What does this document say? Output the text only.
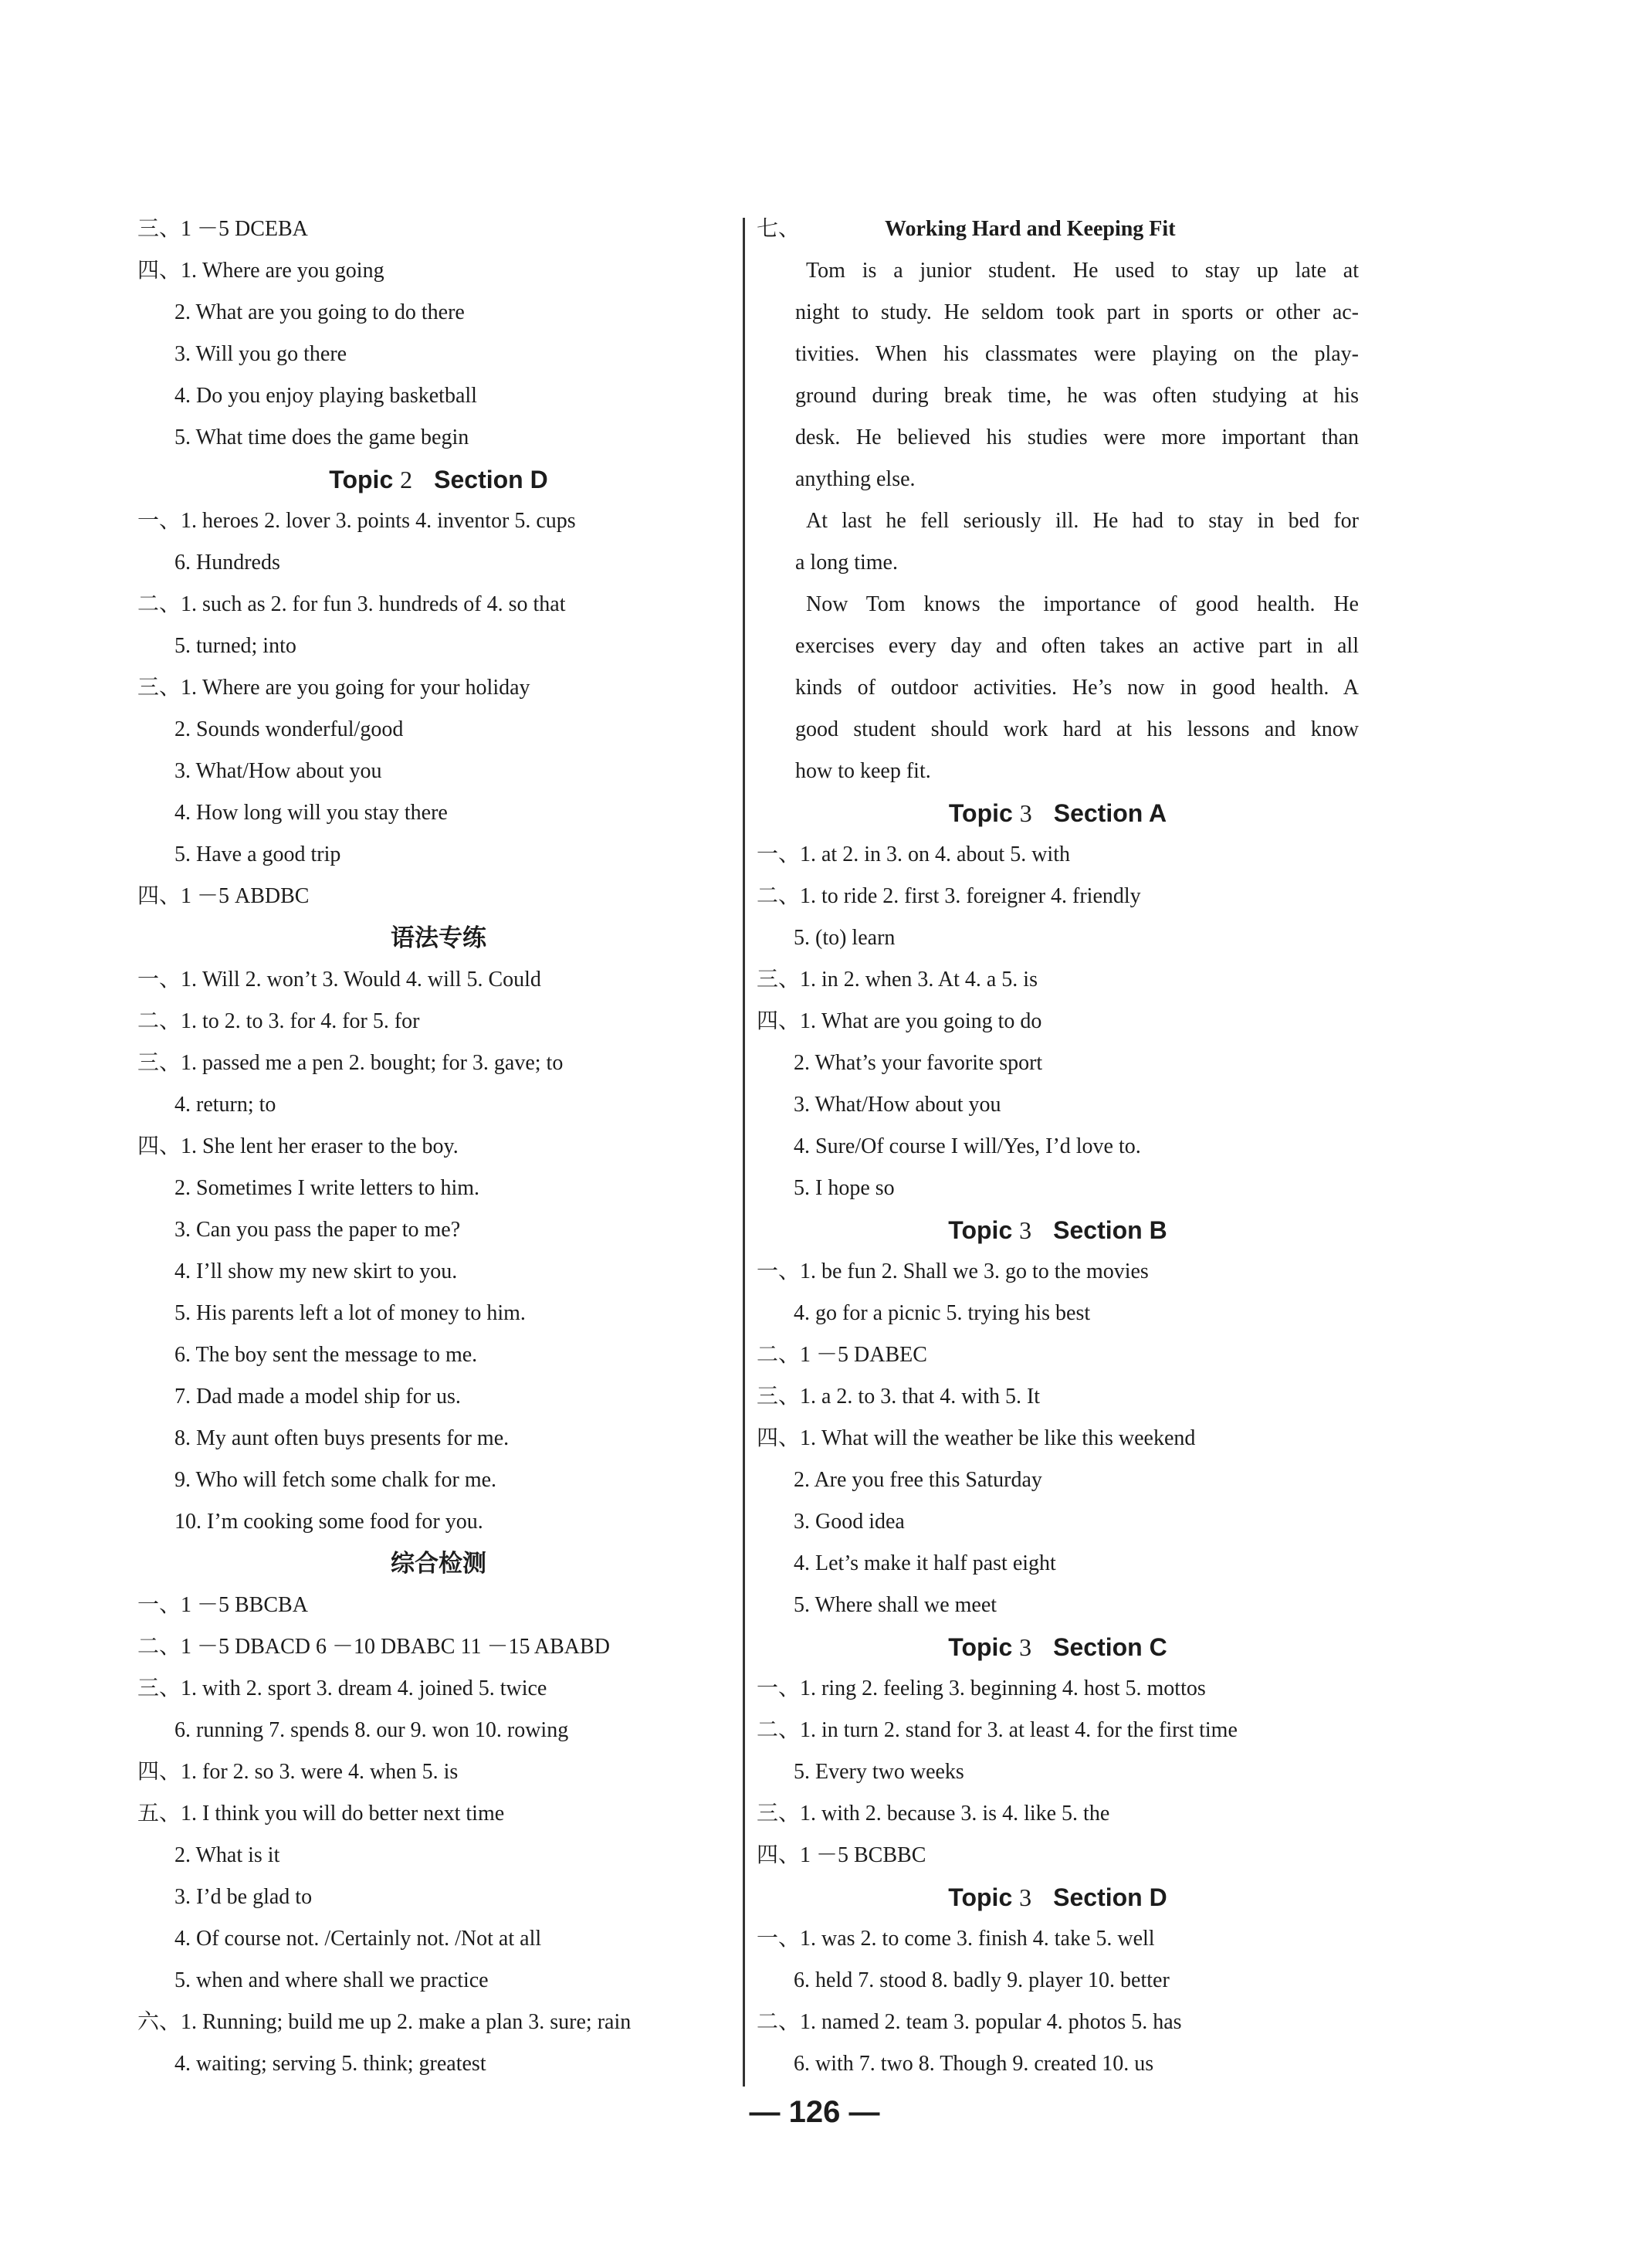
三、1 －5 DCEBA
四、1. Where are you going
2. What are you going to do there
3. Will you go there
4. Do you enjoy playing basketball
5. What time does the game begin
Topic 2 Section D
一、1. heroes 2. lover 3. points 4. inventor 5. cups
6. Hundreds
二、1. such as 2. for fun 3. hundreds of 4. so that
5. turned; into
三、1. Where are you going for your holiday
2. Sounds wonderful/good
3. What/How about you
4. How long will you stay there
5. Have a good trip
四、1 －5 ABDBC
语法专练
一、1. Will 2. won’t 3. Would 4. will 5. Could
二、1. to 2. to 3. for 4. for 5. for
三、1. passed me a pen 2. bought; for 3. gave; to
4. return; to
四、1. She lent her eraser to the boy.
2. Sometimes I write letters to him.
3. Can you pass the paper to me?
4. I’ll show my new skirt to you.
5. His parents left a lot of money to him.
6. The boy sent the message to me.
7. Dad made a model ship for us.
8. My aunt often buys presents for me.
9. Who will fetch some chalk for me.
10. I’m cooking some food for you.
综合检测
一、1 －5 BBCBA
二、1 －5 DBACD 6 －10 DBABC 11 －15 ABABD
三、1. with 2. sport 3. dream 4. joined 5. twice
6. running 7. spends 8. our 9. won 10. rowing
四、1. for 2. so 3. were 4. when 5. is
五、1. I think you will do better next time
2. What is it
3. I’d be glad to
4. Of course not. /Certainly not. /Not at all
5. when and where shall we practice
六、1. Running; build me up 2. make a plan 3. sure; rain
4. waiting; serving 5. think; greatest
七、	Working Hard and Keeping Fit
Tom is a junior student. He used to stay up late at
night to study. He seldom took part in sports or other ac-
tivities. When his classmates were playing on the play-
ground during break time, he was often studying at his
desk. He believed his studies were more important than
anything else.
At last he fell seriously ill. He had to stay in bed for
a long time.
Now Tom knows the importance of good health. He
exercises every day and often takes an active part in all
kinds of outdoor activities. He’s now in good health. A
good student should work hard at his lessons and know
how to keep fit.
Topic 3 Section A
一、1. at 2. in 3. on 4. about 5. with
二、1. to ride 2. first 3. foreigner 4. friendly
5. (to) learn
三、1. in 2. when 3. At 4. a 5. is
四、1. What are you going to do
2. What’s your favorite sport
3. What/How about you
4. Sure/Of course I will/Yes, I’d love to.
5. I hope so
Topic 3 Section B
一、1. be fun 2. Shall we 3. go to the movies
4. go for a picnic 5. trying his best
二、1 －5 DABEC
三、1. a 2. to 3. that 4. with 5. It
四、1. What will the weather be like this weekend
2. Are you free this Saturday
3. Good idea
4. Let’s make it half past eight
5. Where shall we meet
Topic 3 Section C
一、1. ring 2. feeling 3. beginning 4. host 5. mottos
二、1. in turn 2. stand for 3. at least 4. for the first time
5. Every two weeks
三、1. with 2. because 3. is 4. like 5. the
四、1 －5 BCBBC
Topic 3 Section D
一、1. was 2. to come 3. finish 4. take 5. well
6. held 7. stood 8. badly 9. player 10. better
二、1. named 2. team 3. popular 4. photos 5. has
6. with 7. two 8. Though 9. created 10. us
— 126 —
